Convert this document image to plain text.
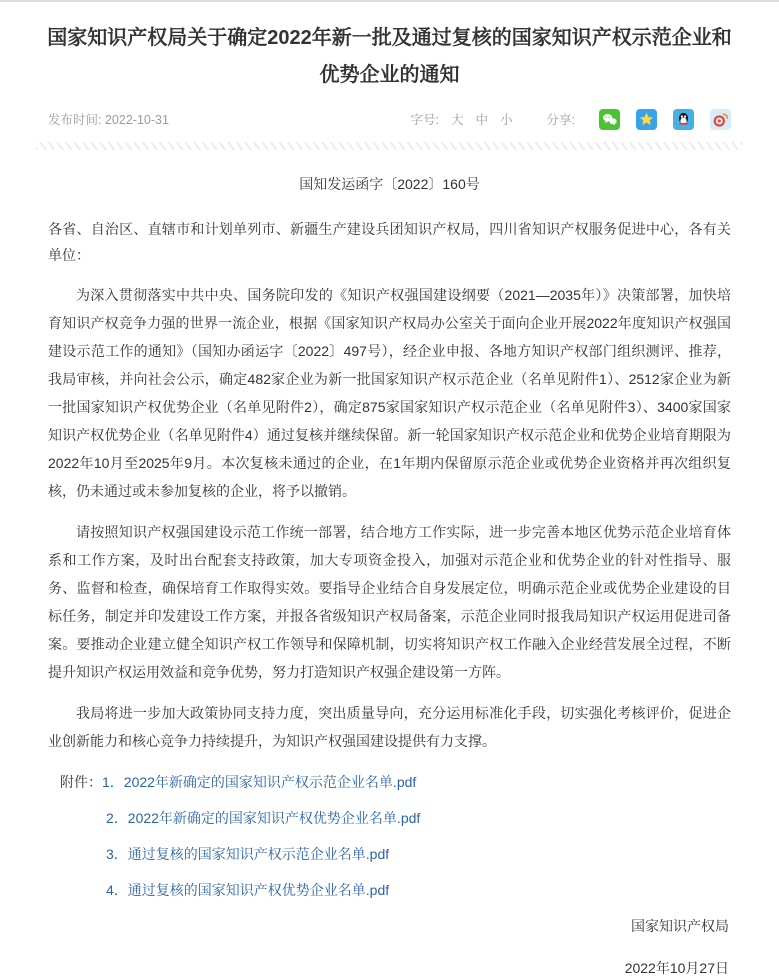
国家知识产权局关于确定2022年新一批及通过复核的国家知识产权示范企业和优势企业的通知
发布时间: 2022-10-31	字号: 大 中 小	分享:
国知发运函字〔2022〕160号
各省、自治区、直辖市和计划单列市、新疆生产建设兵团知识产权局，四川省知识产权服务促进中心，各有关单位：

为深入贯彻落实中共中央、国务院印发的《知识产权强国建设纲要（2021—2035年）》决策部署，加快培育知识产权竞争力强的世界一流企业，根据《国家知识产权局办公室关于面向企业开展2022年度知识产权强国建设示范工作的通知》（国知办函运字〔2022〕497号），经企业申报、各地方知识产权部门组织测评、推荐，我局审核，并向社会公示，确定482家企业为新一批国家知识产权示范企业（名单见附件1）、2512家企业为新一批国家知识产权优势企业（名单见附件2），确定875家国家知识产权示范企业（名单见附件3）、3400家国家知识产权优势企业（名单见附件4）通过复核并继续保留。新一轮国家知识产权示范企业和优势企业培育期限为2022年10月至2025年9月。本次复核未通过的企业，在1年期内保留原示范企业或优势企业资格并再次组织复核，仍未通过或未参加复核的企业，将予以撤销。

请按照知识产权强国建设示范工作统一部署，结合地方工作实际，进一步完善本地区优势示范企业培育体系和工作方案，及时出台配套支持政策，加大专项资金投入，加强对示范企业和优势企业的针对性指导、服务、监督和检查，确保培育工作取得实效。要指导企业结合自身发展定位，明确示范企业或优势企业建设的目标任务，制定并印发建设工作方案，并报各省级知识产权局备案，示范企业同时报我局知识产权运用促进司备案。要推动企业建立健全知识产权工作领导和保障机制，切实将知识产权工作融入企业经营发展全过程，不断提升知识产权运用效益和竞争优势，努力打造知识产权强企建设第一方阵。

我局将进一步加大政策协同支持力度，突出质量导向，充分运用标准化手段，切实强化考核评价，促进企业创新能力和核心竞争力持续提升，为知识产权强国建设提供有力支撑。

附件：1．2022年新确定的国家知识产权示范企业名单.pdf
2．2022年新确定的国家知识产权优势企业名单.pdf
3．通过复核的国家知识产权示范企业名单.pdf
4．通过复核的国家知识产权优势企业名单.pdf
国家知识产权局
2022年10月27日
